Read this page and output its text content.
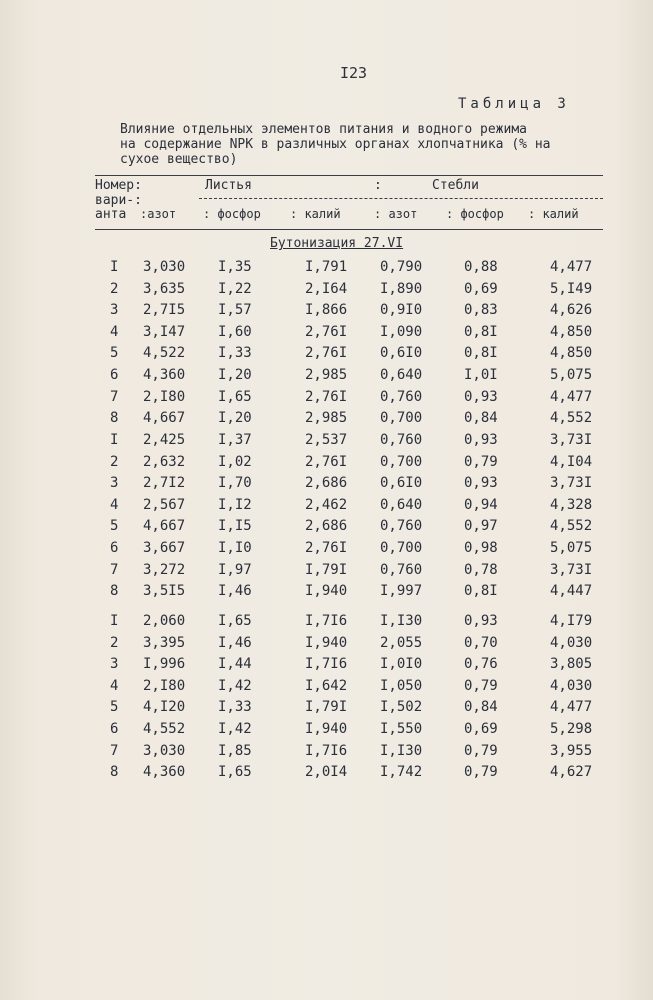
I23
Таблица 3
Влияние отдельных элементов питания и водного режима
на содержание NPK в различных органах хлопчатника (% на
сухое вещество)
Номер:
вари-:
анта
Листья	:	Стебли
:азот : фосфор : калий	: азот : фосфор : калий
Бутонизация 27.VI
I 3,030 I,35	I,791 0,790	0,88	4,477
2 3,635 I,22	2,I64 I,890	0,69	5,I49
3 2,7I5 I,57	I,866 0,9I0	0,83	4,626
4 3,I47 I,60	2,76I I,090	0,8I	4,850
5 4,522 I,33	2,76I 0,6I0	0,8I	4,850
6 4,360 I,20	2,985 0,640	I,0I	5,075
7 2,I80 I,65	2,76I 0,760	0,93	4,477
8 4,667 I,20	2,985 0,700	0,84	4,552
I 2,425 I,37	2,537 0,760	0,93	3,73I
2 2,632 I,02	2,76I 0,700	0,79	4,I04
3 2,7I2 I,70	2,686 0,6I0	0,93	3,73I
4 2,567 I,I2	2,462 0,640	0,94	4,328
5 4,667 I,I5	2,686 0,760	0,97	4,552
6 3,667 I,I0	2,76I 0,700	0,98	5,075
7 3,272 I,97	I,79I 0,760	0,78	3,73I
8 3,5I5 I,46	I,940 I,997	0,8I	4,447
I 2,060 I,65	I,7I6 I,I30	0,93	4,I79
2 3,395 I,46	I,940 2,055	0,70	4,030
3 I,996 I,44	I,7I6 I,0I0	0,76	3,805
4 2,I80 I,42	I,642 I,050	0,79	4,030
5 4,I20 I,33	I,79I I,502	0,84	4,477
6 4,552 I,42	I,940 I,550	0,69	5,298
7 3,030 I,85	I,7I6 I,I30	0,79	3,955
8 4,360 I,65	2,0I4 I,742	0,79	4,627
